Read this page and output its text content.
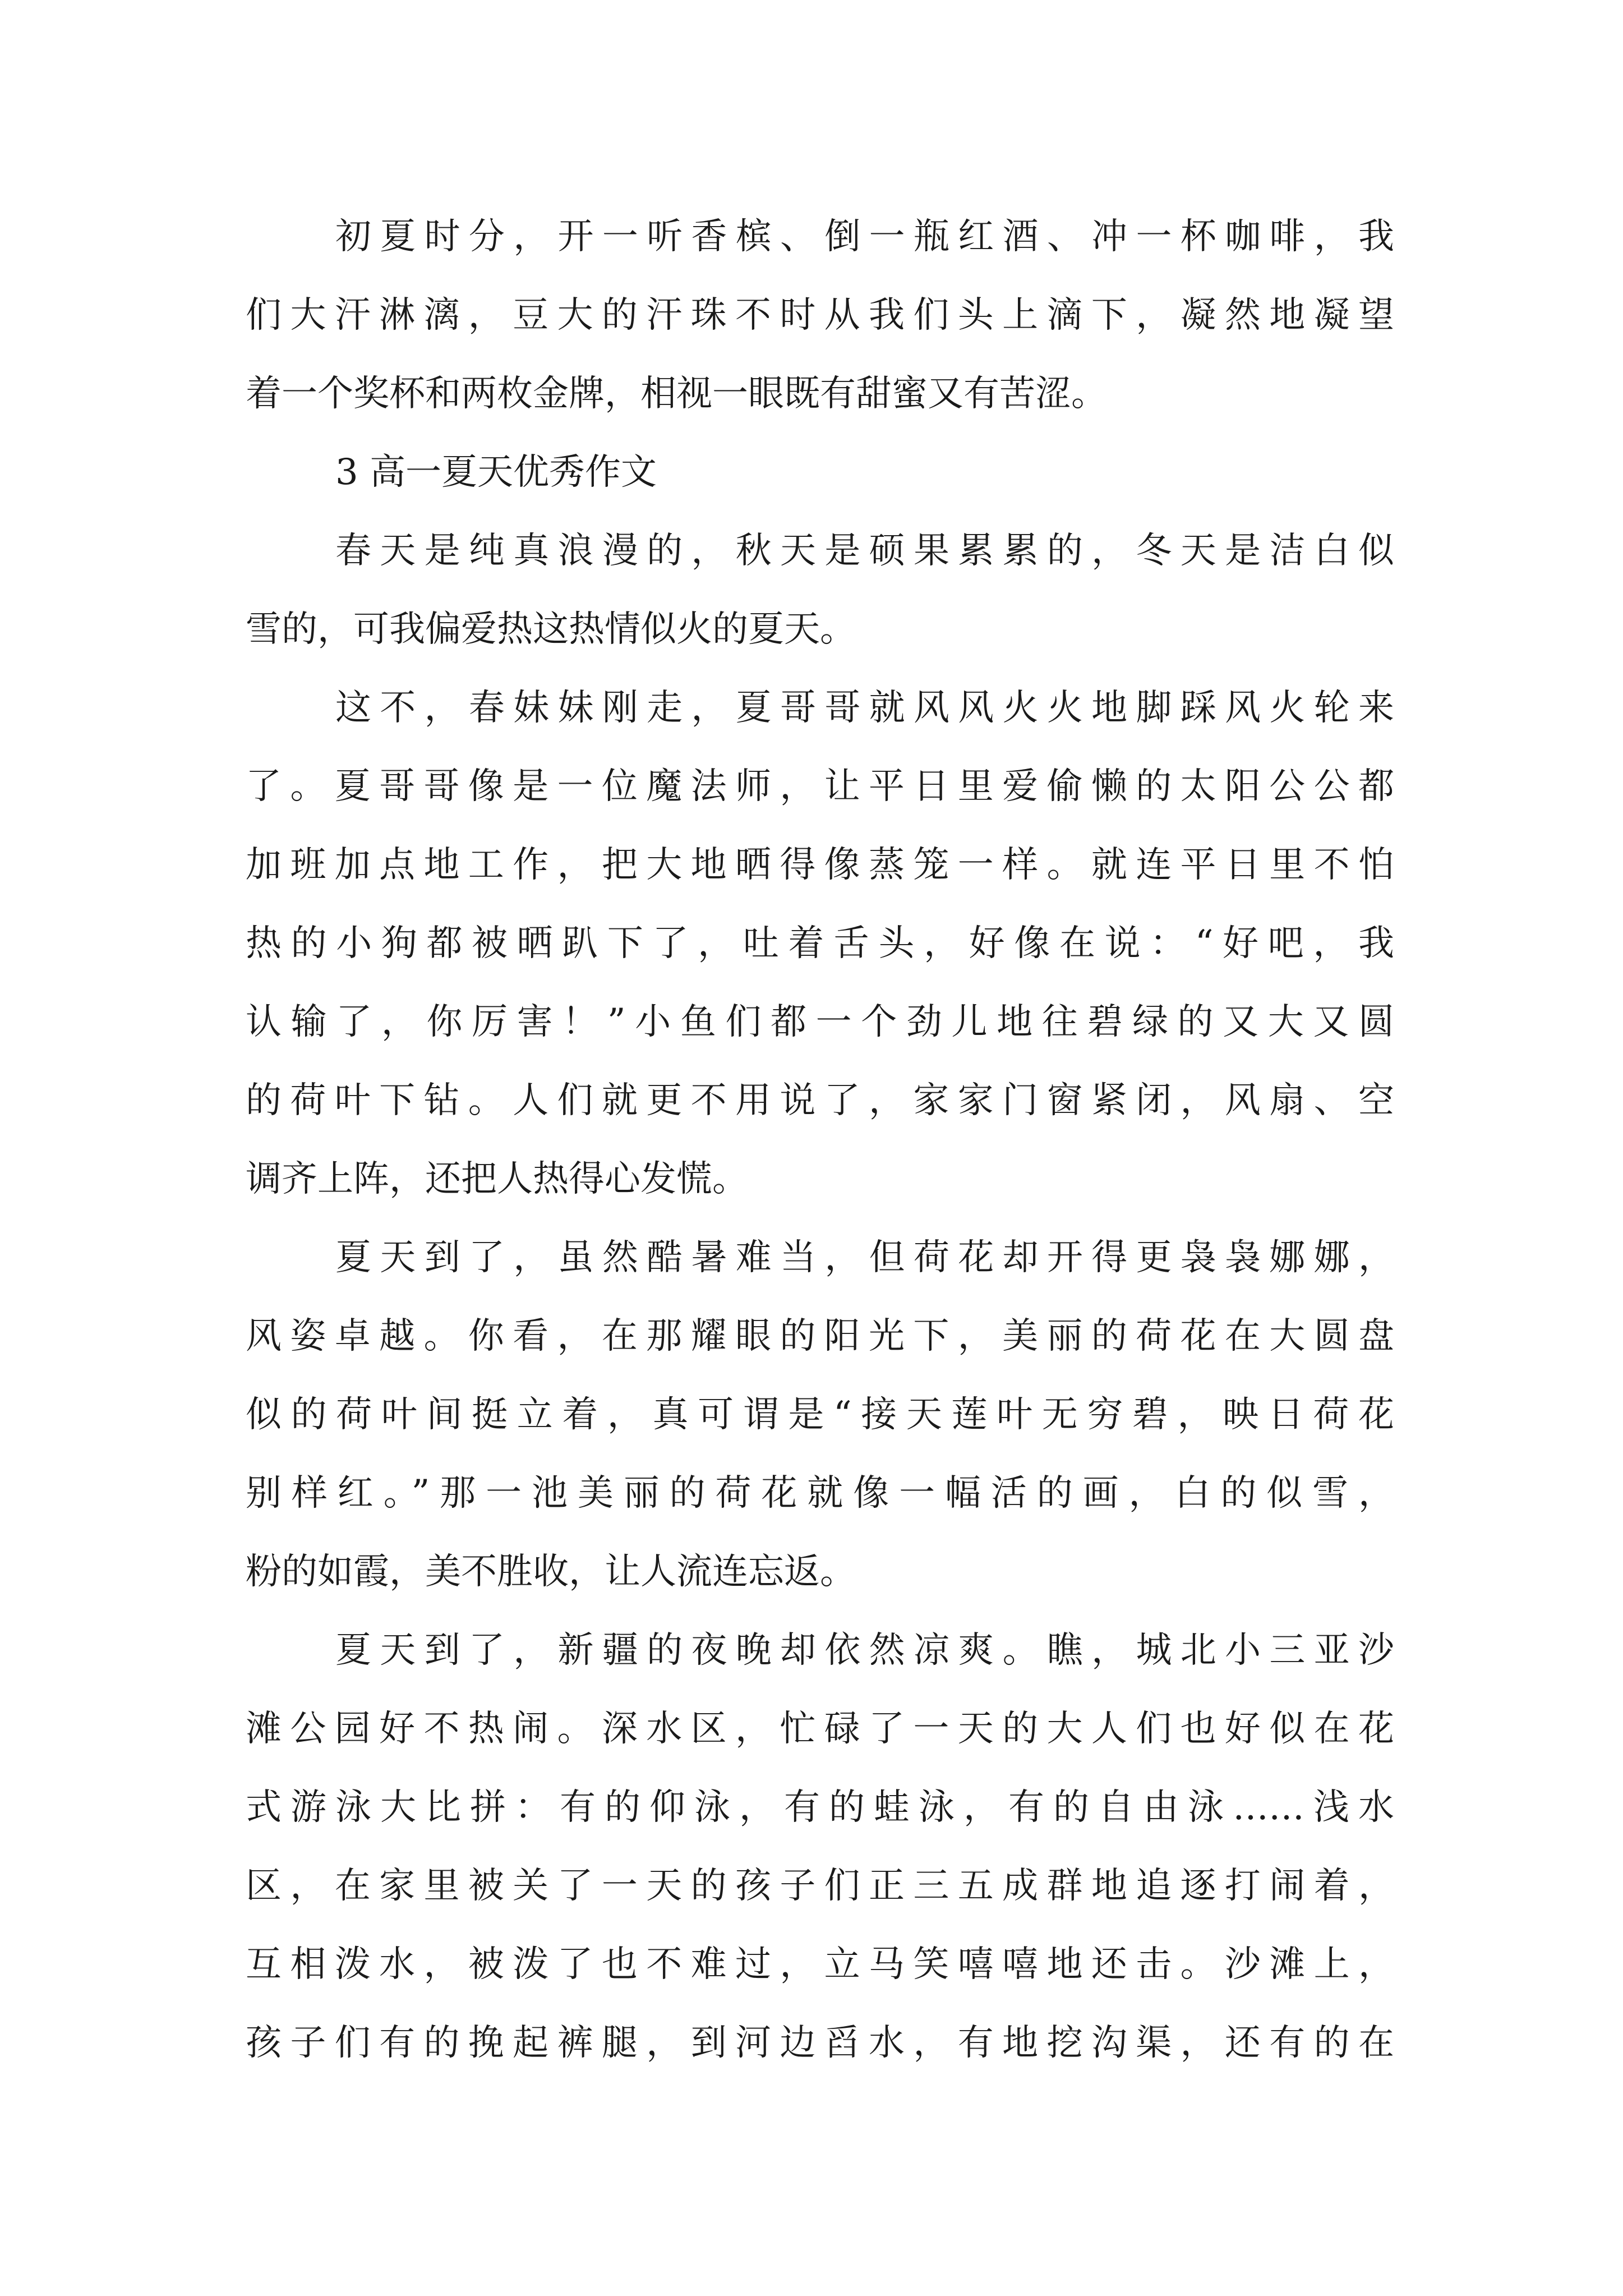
初夏时分，开一听香槟、倒一瓶红酒、冲一杯咖啡，我
们大汗淋漓，豆大的汗珠不时从我们头上滴下，凝然地凝望
着一个奖杯和两枚金牌，相视一眼既有甜蜜又有苦涩。
3 高一夏天优秀作文
春天是纯真浪漫的，秋天是硕果累累的，冬天是洁白似
雪的，可我偏爱热这热情似火的夏天。
这不，春妹妹刚走，夏哥哥就风风火火地脚踩风火轮来
了。夏哥哥像是一位魔法师，让平日里爱偷懒的太阳公公都
加班加点地工作，把大地晒得像蒸笼一样。就连平日里不怕
热的小狗都被晒趴下了，吐着舌头，好像在说：“好吧，我
认输了，你厉害！”小鱼们都一个劲儿地往碧绿的又大又圆
的荷叶下钻。人们就更不用说了，家家门窗紧闭，风扇、空
调齐上阵，还把人热得心发慌。
夏天到了，虽然酷暑难当，但荷花却开得更袅袅娜娜，
风姿卓越。你看，在那耀眼的阳光下，美丽的荷花在大圆盘
似的荷叶间挺立着，真可谓是“接天莲叶无穷碧，映日荷花
别样红。”那一池美丽的荷花就像一幅活的画，白的似雪，
粉的如霞，美不胜收，让人流连忘返。
夏天到了，新疆的夜晚却依然凉爽。瞧，城北小三亚沙
滩公园好不热闹。深水区，忙碌了一天的大人们也好似在花
式游泳大比拼：有的仰泳，有的蛙泳，有的自由泳……浅水
区，在家里被关了一天的孩子们正三五成群地追逐打闹着，
互相泼水，被泼了也不难过，立马笑嘻嘻地还击。沙滩上，
孩子们有的挽起裤腿，到河边舀水，有地挖沟渠，还有的在
